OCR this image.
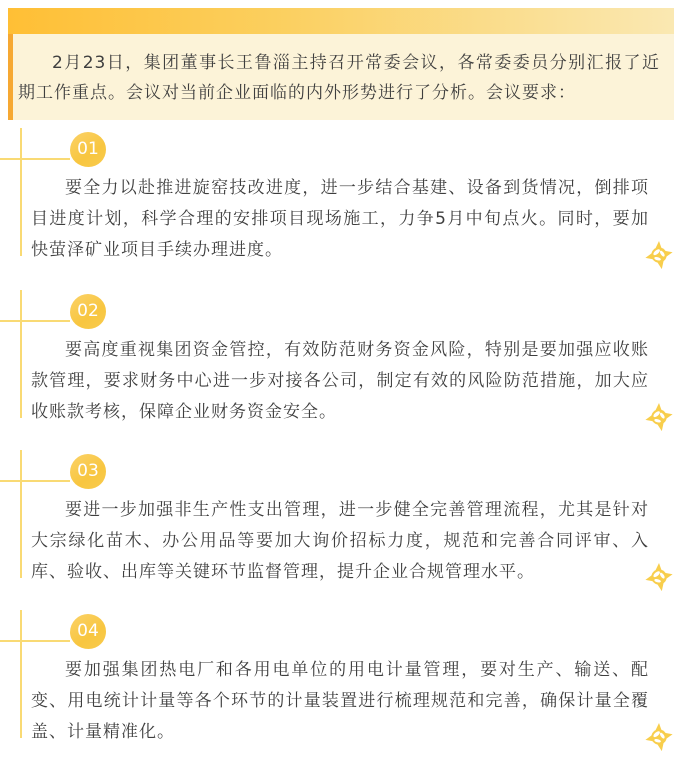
2月23日，集团董事长王鲁淄主持召开常委会议，各常委委员分别汇报了近期工作重点。会议对当前企业面临的内外形势进行了分析。会议要求：

01

要全力以赴推进旋窑技改进度，进一步结合基建、设备到货情况，倒排项目进度计划，科学合理的安排项目现场施工，力争5月中旬点火。同时，要加快萤泽矿业项目手续办理进度。

02

要高度重视集团资金管控，有效防范财务资金风险，特别是要加强应收账款管理，要求财务中心进一步对接各公司，制定有效的风险防范措施，加大应收账款考核，保障企业财务资金安全。

03

要进一步加强非生产性支出管理，进一步健全完善管理流程，尤其是针对大宗绿化苗木、办公用品等要加大询价招标力度，规范和完善合同评审、入库、验收、出库等关键环节监督管理，提升企业合规管理水平。

04

要加强集团热电厂和各用电单位的用电计量管理，要对生产、输送、配变、用电统计计量等各个环节的计量装置进行梳理规范和完善，确保计量全覆盖、计量精准化。
